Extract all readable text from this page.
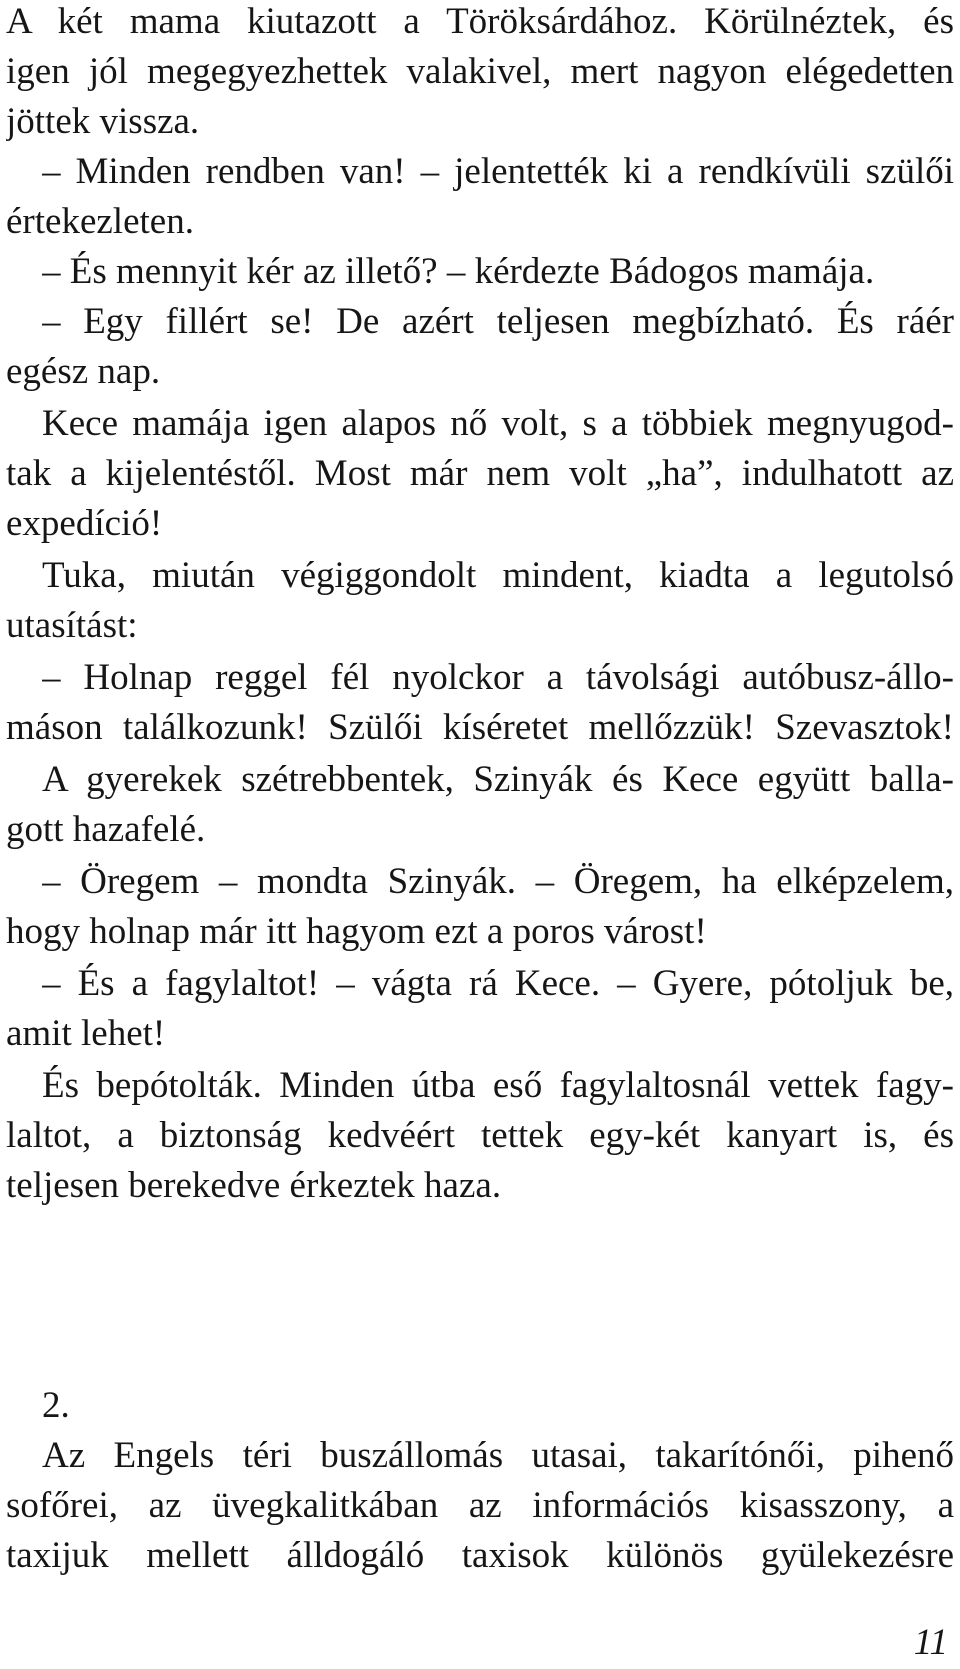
A két mama kiutazott a Töröksárdához. Körülnéztek, és
igen jól megegyezhettek valakivel, mert nagyon elégedetten
jöttek vissza.
– Minden rendben van! – jelentették ki a rendkívüli szülői
értekezleten.
– És mennyit kér az illető? – kérdezte Bádogos mamája.
– Egy fillért se! De azért teljesen megbízható. És ráér
egész nap.
Kece mamája igen alapos nő volt, s a többiek megnyugod-
tak a kijelentéstől. Most már nem volt „ha”, indulhatott az
expedíció!
Tuka, miután végiggondolt mindent, kiadta a legutolsó
utasítást:
– Holnap reggel fél nyolckor a távolsági autóbusz-állo-
máson találkozunk! Szülői kíséretet mellőzzük! Szevasztok!
A gyerekek szétrebbentek, Szinyák és Kece együtt balla-
gott hazafelé.
– Öregem – mondta Szinyák. – Öregem, ha elképzelem,
hogy holnap már itt hagyom ezt a poros várost!
– És a fagylaltot! – vágta rá Kece. – Gyere, pótoljuk be,
amit lehet!
És bepótolták. Minden útba eső fagylaltosnál vettek fagy-
laltot, a biztonság kedvéért tettek egy-két kanyart is, és
teljesen berekedve érkeztek haza.
2.
Az Engels téri buszállomás utasai, takarítónői, pihenő
sofőrei, az üvegkalitkában az információs kisasszony, a
taxijuk mellett álldogáló taxisok különös gyülekezésre
11
